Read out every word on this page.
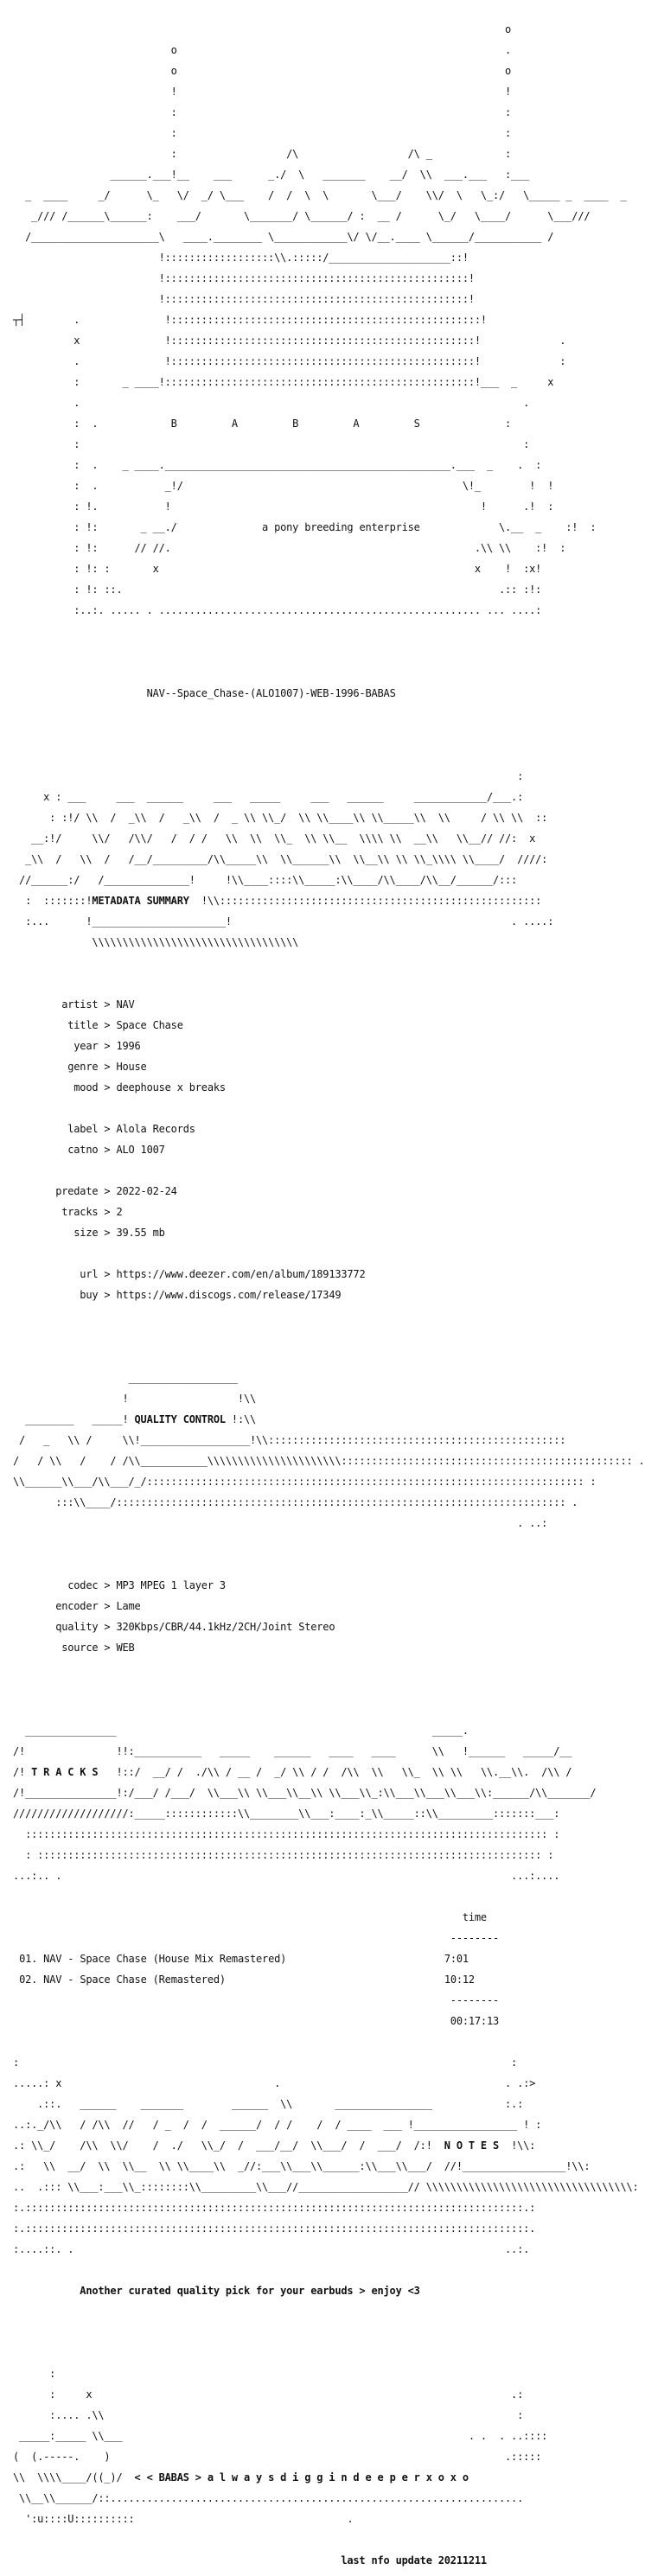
o

o                                                      .

o                                                      o

!                                                      !

:                                                      :

:                                                      :

:                  /\                  /\ _            :

______.___!__    ___      _./  \   _______    __/  \\  ___.___   :___

_  ____     _/      \_   \/  _/ \___    /  /  \  \       \___/    \\/  \   \_:/   \_____ _  ____  _

_/// /______\______:    ___/       \_______/ \______/ :  __ /      \_/   \____/      \___///

/_____________________\   ____.________ \____________\/ \/__.____ \______/___________ /

!::::::::::::::::::\\.:::::/____________________::!

!::::::::::::::::::::::::::::::::::::::::::::::::::!

!::::::::::::::::::::::::::::::::::::::::::::::::::!

┬┤        .              !:::::::::::::::::::::::::::::::::::::::::::::::::::!

x              !::::::::::::::::::::::::::::::::::::::::::::::::::!             .

.              !::::::::::::::::::::::::::::::::::::::::::::::::::!             :

:       _ ____!:::::::::::::::::::::::::::::::::::::::::::::::::::!___  _     x

.                                                                         .

:  .            B         A         B         A         S              :

:                                                                         :

:  .    _ ____._______________________________________________.___  _    .  :

:  .           _!/                                              \!_        !  !

: !.           !                                                   !      .!  :

: !:       _ __./              a pony breeding enterprise             \.__  _    :!  :

: !:      // //.                                                  .\\ \\    :!  :

: !: :       x                                                    x    !  :x!

: !: ::.                                                              .:: :!:

:..:. ..... . ..................................................... ... ....:

NAV--Space_Chase-(ALO1007)-WEB-1996-BABAS

:

x : ___     ___  ______     ___   _____     ___   ______     ____________/___.:

: :!/ \\  /  _\\  /   _\\  /  _ \\ \\_/  \\ \\____\\ \\_____\\  \\     / \\ \\  ::

__:!/     \\/   /\\/   /  / /   \\  \\  \\_  \\ \\__  \\\\ \\  __\\   \\__// //:  x

_\\  /   \\  /   /__/_________/\\_____\\  \\______\\  \\__\\ \\ \\_\\\\ \\____/  ////:

//______:/   /______________!     !\\____::::\\_____:\\____/\\____/\\__/______/:::

:  :::::::!METADATA SUMMARY  !\\:::::::::::::::::::::::::::::::::::::::::::::::::::::

:...      !______________________!                                              . ....:

\\\\\\\\\\\\\\\\\\\\\\\\\\\\\\\\\\

artist > NAV

title > Space Chase

year > 1996

genre > House

mood > deephouse x breaks

label > Alola Records

catno > ALO 1007

predate > 2022-02-24

tracks > 2

size > 39.55 mb

url > https://www.deezer.com/en/album/189133772

buy > https://www.discogs.com/release/17349

__________________

!                  !\\

________   _____! QUALITY CONTROL !:\\

/   _   \\ /     \\!__________________!\\:::::::::::::::::::::::::::::::::::::::::::::::::

/   / \\   /    / /\\___________\\\\\\\\\\\\\\\\\\\\\\:::::::::::::::::::::::::::::::::::::::::::::::: .

\\______\\___/\\___/_/:::::::::::::::::::::::::::::::::::::::::::::::::::::::::::::::::::::::: :

:::\\____/:::::::::::::::::::::::::::::::::::::::::::::::::::::::::::::::::::::::::: .

. ..:

codec > MP3 MPEG 1 layer 3

encoder > Lame

quality > 320Kbps/CBR/44.1kHz/2CH/Joint Stereo

source > WEB

_______________                                                    _____.

/!               !!:___________   _____    ______   ____   ____      \\   !______   _____/__

/! T R A C K S   !::/  __/ /  ./\\ / __ /  _/ \\ / /  /\\  \\   \\_  \\ \\   \\.__\\.  /\\ /

/!_______________!:/___/ /___/  \\___\\ \\___\\__\\ \\___\\_:\\___\\___\\___\\:______/\\_______/

///////////////////:_____::::::::::::\\________\\___:____:_\\_____::\\_________:::::::___:

:::::::::::::::::::::::::::::::::::::::::::::::::::::::::::::::::::::::::::::::::::::: :

: ::::::::::::::::::::::::::::::::::::::::::::::::::::::::::::::::::::::::::::::::::: :

...:.. .                                                                          ...:....

time

--------

01. NAV - Space Chase (House Mix Remastered)	7:01

02. NAV - Space Chase (Remastered)	10:12

--------

00:17:13

:                                                                                 :

.....: x                                   .                                     . .:>

.::.   ______    _______        ______  \\       ________________            :.:

..:._/\\   / /\\  //   / _  /  /  ______/  / /    /  / ____  ___ !_________________ ! :

.: \\_/    /\\  \\/    /  ./   \\_/  /  ___/__/  \\___/  /  ___/  /:!  N O T E S  !\\:

.:   \\  __/  \\  \\__  \\ \\____\\  _//:___\\___\\______:\\___\\___/  //!_________________!\\:

..  .::: \\___:___\\_::::::::\\_________\\___//__________________// \\\\\\\\\\\\\\\\\\\\\\\\\\\\\\\\\\:

:.::::::::::::::::::::::::::::::::::::::::::::::::::::::::::::::::::::::::::::::::::.:

:.:::::::::::::::::::::::::::::::::::::::::::::::::::::::::::::::::::::::::::::::::::.

:....::. .                                                                       ..:.

Another curated quality pick for your earbuds > enjoy <3

:

:     x                                                                     .:

:.... .\\                                                                    :

_____:_____ \\___                                                         . .  . ..::::

(  (.-----.    )                                                                 .:::::

\\  \\\\____/((_)/  < < BABAS > a l w a y s d i g g i n d e e p e r x o x o

\\__\\______/::....................................................................

':u::::U::::::::::                                   .

last nfo update 20211211
